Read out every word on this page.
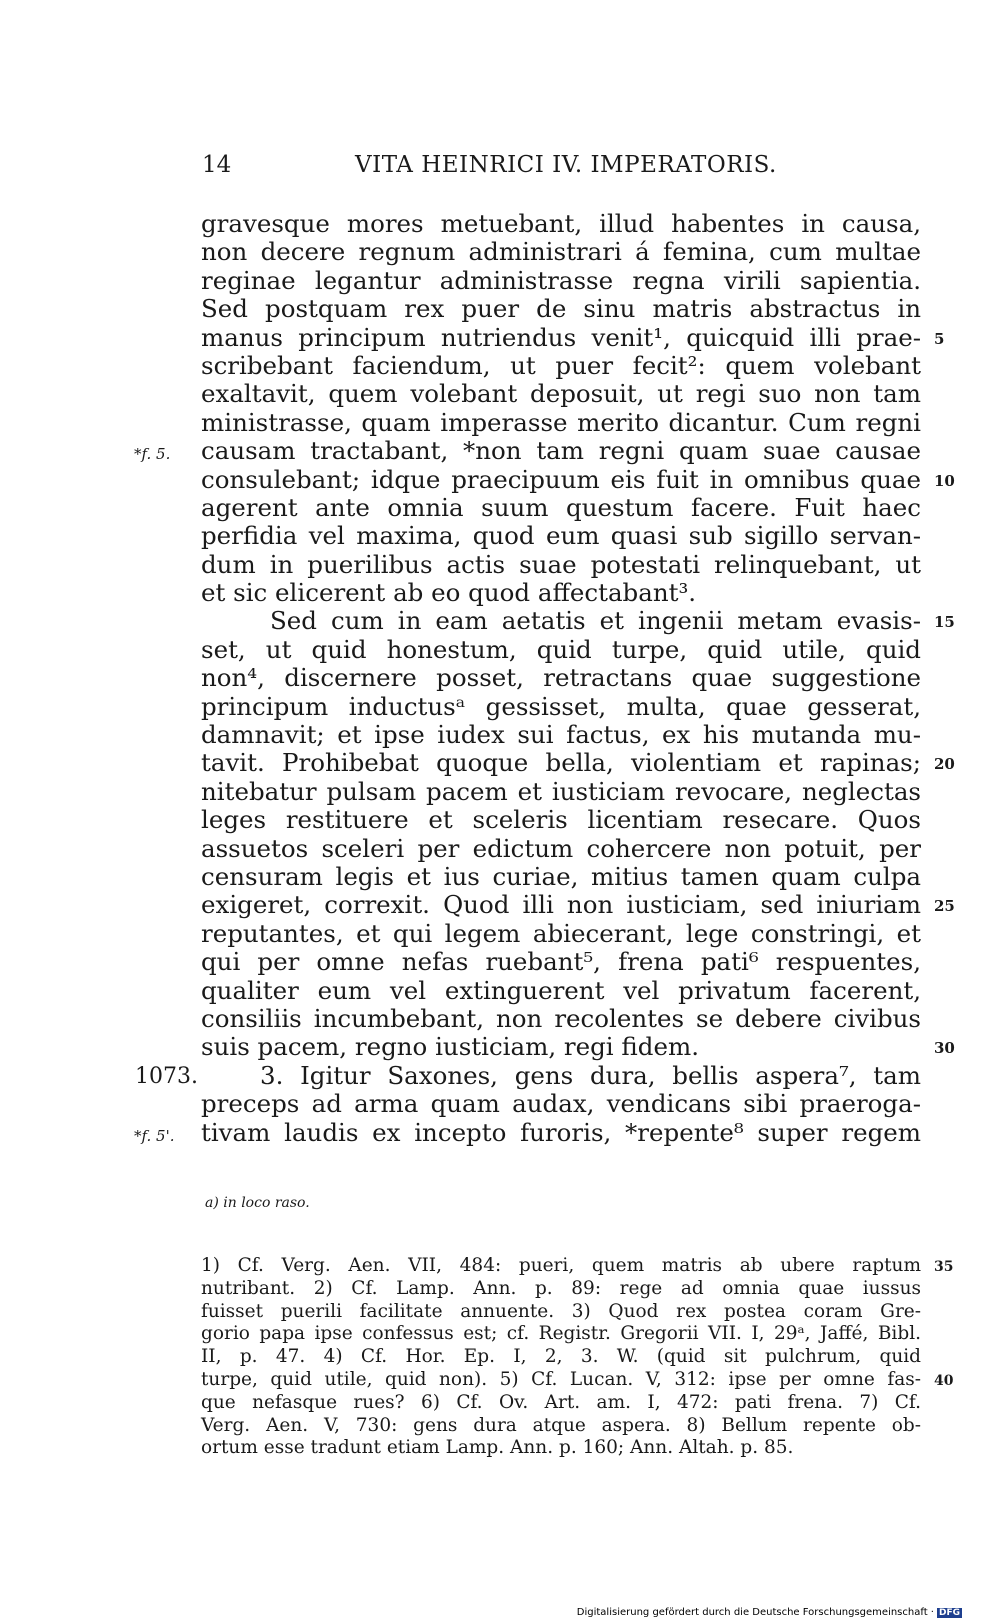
14	VITA HEINRICI IV. IMPERATORIS.
gravesque mores metuebant, illud habentes in causa,
non decere regnum administrari á femina, cum multae
reginae legantur administrasse regna virili sapientia.
Sed postquam rex puer de sinu matris abstractus in
manus principum nutriendus venit¹, quicquid illi prae- 5
scribebant faciendum, ut puer fecit²: quem volebant
exaltavit, quem volebant deposuit, ut regi suo non tam
ministrasse, quam imperasse merito dicantur. Cum regni
causam tractabant, *non tam regni quam suae causae
*f. 5.
consulebant; idque praecipuum eis fuit in omnibus quae 10
agerent ante omnia suum questum facere. Fuit haec
perfidia vel maxima, quod eum quasi sub sigillo servan-
dum in puerilibus actis suae potestati relinquebant, ut
et sic elicerent ab eo quod affectabant³.
Sed cum in eam aetatis et ingenii metam evasis- 15
set, ut quid honestum, quid turpe, quid utile, quid
non⁴, discernere posset, retractans quae suggestione
principum inductusᵃ gessisset, multa, quae gesserat,
damnavit; et ipse iudex sui factus, ex his mutanda mu-
tavit. Prohibebat quoque bella, violentiam et rapinas; 20
nitebatur pulsam pacem et iusticiam revocare, neglectas
leges restituere et sceleris licentiam resecare. Quos
assuetos sceleri per edictum cohercere non potuit, per
censuram legis et ius curiae, mitius tamen quam culpa
exigeret, correxit. Quod illi non iusticiam, sed iniuriam 25
reputantes, et qui legem abiecerant, lege constringi, et
qui per omne nefas ruebant⁵, frena pati⁶ respuentes,
qualiter eum vel extinguerent vel privatum facerent,
consiliis incumbebant, non recolentes se debere civibus
suis pacem, regno iusticiam, regi fidem.	30
3. Igitur Saxones, gens dura, bellis aspera⁷, tam
1073.
preceps ad arma quam audax, vendicans sibi praeroga-
tivam laudis ex incepto furoris, *repente⁸ super regem
*f. 5'.
a) in loco raso.
1) Cf. Verg. Aen. VII, 484: pueri, quem matris ab ubere raptum 35
nutribant. 2) Cf. Lamp. Ann. p. 89: rege ad omnia quae iussus
fuisset puerili facilitate annuente. 3) Quod rex postea coram Gre-
gorio papa ipse confessus est; cf. Registr. Gregorii VII. I, 29ᵃ, Jaffé, Bibl.
II, p. 47. 4) Cf. Hor. Ep. I, 2, 3. W. (quid sit pulchrum, quid
turpe, quid utile, quid non). 5) Cf. Lucan. V, 312: ipse per omne fas- 40
que nefasque rues? 6) Cf. Ov. Art. am. I, 472: pati frena. 7) Cf.
Verg. Aen. V, 730: gens dura atque aspera. 8) Bellum repente ob-
ortum esse tradunt etiam Lamp. Ann. p. 160; Ann. Altah. p. 85.
Digitalisierung gefördert durch die Deutsche Forschungsgemeinschaft · DFG
